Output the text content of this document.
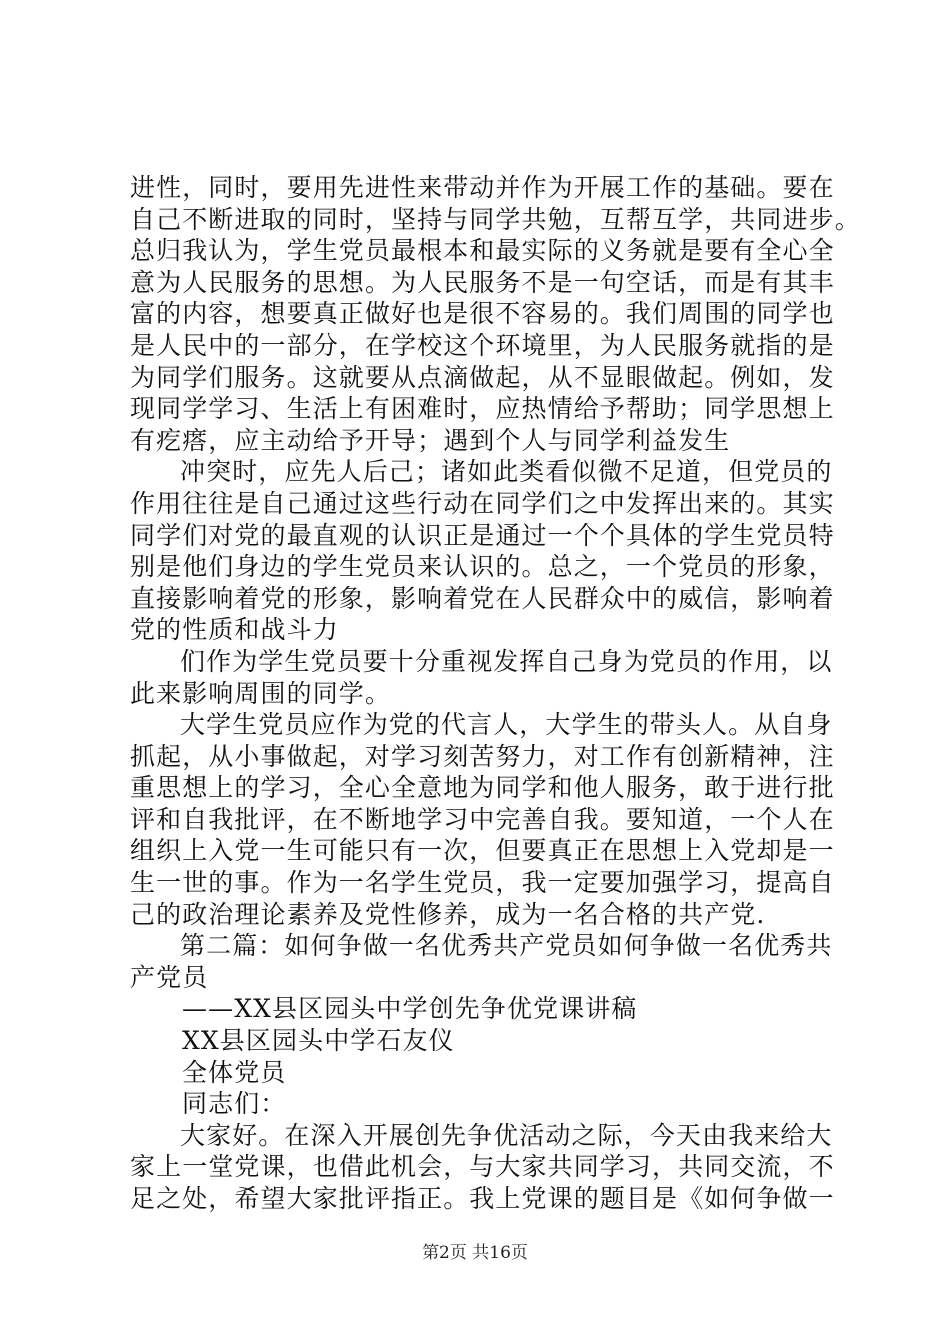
进性，同时，要用先进性来带动并作为开展工作的基础。要在
自己不断进取的同时，坚持与同学共勉，互帮互学，共同进步。
总归我认为，学生党员最根本和最实际的义务就是要有全心全
意为人民服务的思想。为人民服务不是一句空话，而是有其丰
富的内容，想要真正做好也是很不容易的。我们周围的同学也
是人民中的一部分，在学校这个环境里，为人民服务就指的是
为同学们服务。这就要从点滴做起，从不显眼做起。例如，发
现同学学习、生活上有困难时，应热情给予帮助；同学思想上
有疙瘩，应主动给予开导；遇到个人与同学利益发生
冲突时，应先人后己；诸如此类看似微不足道，但党员的
作用往往是自己通过这些行动在同学们之中发挥出来的。其实
同学们对党的最直观的认识正是通过一个个具体的学生党员特
别是他们身边的学生党员来认识的。总之，一个党员的形象，
直接影响着党的形象，影响着党在人民群众中的威信，影响着
党的性质和战斗力
们作为学生党员要十分重视发挥自己身为党员的作用，以
此来影响周围的同学。
大学生党员应作为党的代言人，大学生的带头人。从自身
抓起，从小事做起，对学习刻苦努力，对工作有创新精神，注
重思想上的学习，全心全意地为同学和他人服务，敢于进行批
评和自我批评，在不断地学习中完善自我。要知道，一个人在
组织上入党一生可能只有一次，但要真正在思想上入党却是一
生一世的事。作为一名学生党员，我一定要加强学习，提高自
己的政治理论素养及党性修养，成为一名合格的共产党.
第二篇：如何争做一名优秀共产党员如何争做一名优秀共
产党员
——XX县区园头中学创先争优党课讲稿
XX县区园头中学石友仪
全体党员
同志们：
大家好。在深入开展创先争优活动之际，今天由我来给大
家上一堂党课，也借此机会，与大家共同学习，共同交流，不
足之处，希望大家批评指正。我上党课的题目是《如何争做一
第2页 共16页
